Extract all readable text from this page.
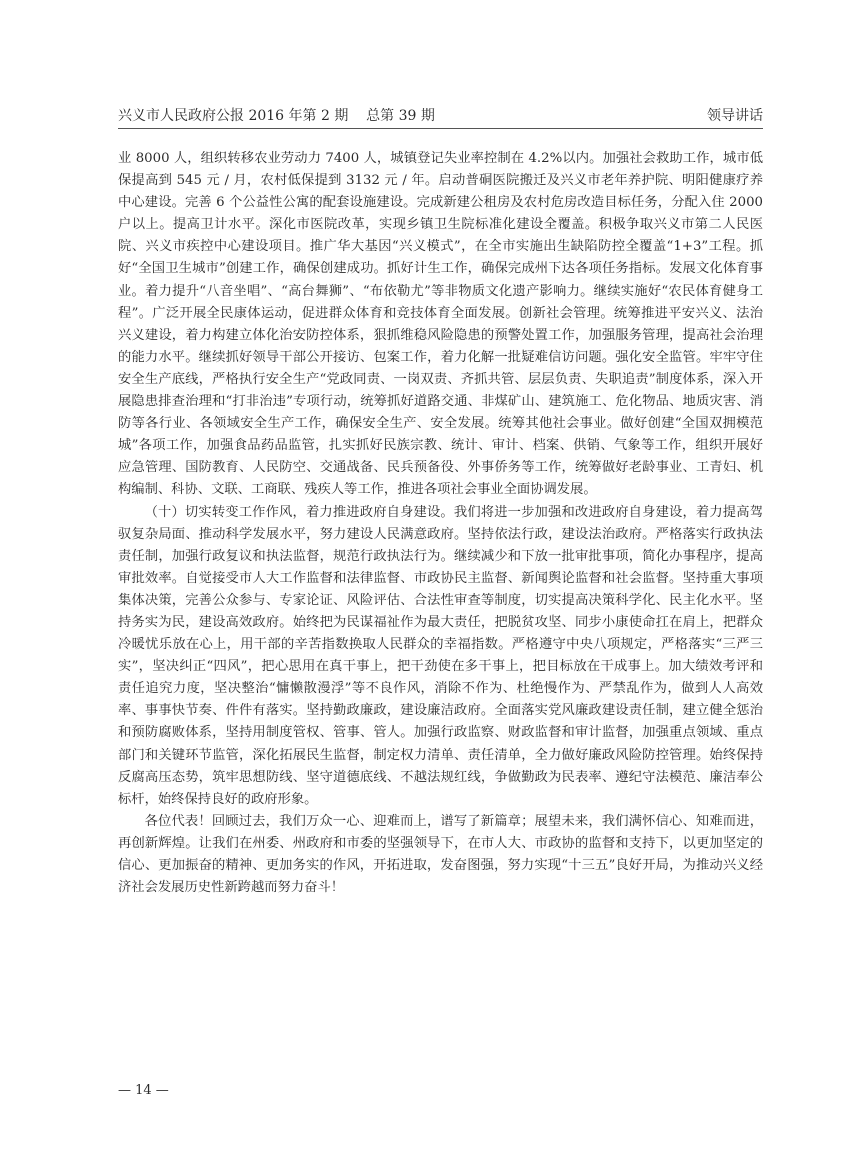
兴义市人民政府公报 2016 年第 2 期    总第 39 期	领导讲话

业 8000 人，组织转移农业劳动力 7400 人，城镇登记失业率控制在 4.2%以内。加强社会救助工作，城市低保提高到 545 元 / 月，农村低保提到 3132 元 / 年。启动普硐医院搬迁及兴义市老年养护院、明阳健康疗养中心建设。完善 6 个公益性公寓的配套设施建设。完成新建公租房及农村危房改造目标任务，分配入住 2000 户以上。提高卫计水平。深化市医院改革，实现乡镇卫生院标准化建设全覆盖。积极争取兴义市第二人民医院、兴义市疾控中心建设项目。推广华大基因“兴义模式”，在全市实施出生缺陷防控全覆盖“1+3”工程。抓好“全国卫生城市”创建工作，确保创建成功。抓好计生工作，确保完成州下达各项任务指标。发展文化体育事业。着力提升“八音坐唱”、“高台舞狮”、“布依勒尤”等非物质文化遗产影响力。继续实施好“农民体育健身工程”。广泛开展全民康体运动，促进群众体育和竞技体育全面发展。创新社会管理。统筹推进平安兴义、法治兴义建设，着力构建立体化治安防控体系，狠抓维稳风险隐患的预警处置工作，加强服务管理，提高社会治理的能力水平。继续抓好领导干部公开接访、包案工作，着力化解一批疑难信访问题。强化安全监管。牢牢守住安全生产底线，严格执行安全生产“党政同责、一岗双责、齐抓共管、层层负责、失职追责”制度体系，深入开展隐患排查治理和“打非治违”专项行动，统筹抓好道路交通、非煤矿山、建筑施工、危化物品、地质灾害、消防等各行业、各领域安全生产工作，确保安全生产、安全发展。统筹其他社会事业。做好创建“全国双拥模范城”各项工作，加强食品药品监管，扎实抓好民族宗教、统计、审计、档案、供销、气象等工作，组织开展好应急管理、国防教育、人民防空、交通战备、民兵预备役、外事侨务等工作，统筹做好老龄事业、工青妇、机构编制、科协、文联、工商联、残疾人等工作，推进各项社会事业全面协调发展。

（十）切实转变工作作风，着力推进政府自身建设。我们将进一步加强和改进政府自身建设，着力提高驾驭复杂局面、推动科学发展水平，努力建设人民满意政府。坚持依法行政，建设法治政府。严格落实行政执法责任制，加强行政复议和执法监督，规范行政执法行为。继续减少和下放一批审批事项，简化办事程序，提高审批效率。自觉接受市人大工作监督和法律监督、市政协民主监督、新闻舆论监督和社会监督。坚持重大事项集体决策，完善公众参与、专家论证、风险评估、合法性审查等制度，切实提高决策科学化、民主化水平。坚持务实为民，建设高效政府。始终把为民谋福祉作为最大责任，把脱贫攻坚、同步小康使命扛在肩上，把群众冷暖忧乐放在心上，用干部的辛苦指数换取人民群众的幸福指数。严格遵守中央八项规定，严格落实“三严三实”，坚决纠正“四风”，把心思用在真干事上，把干劲使在多干事上，把目标放在干成事上。加大绩效考评和责任追究力度，坚决整治“慵懒散漫浮”等不良作风，消除不作为、杜绝慢作为、严禁乱作为，做到人人高效率、事事快节奏、件件有落实。坚持勤政廉政，建设廉洁政府。全面落实党风廉政建设责任制，建立健全惩治和预防腐败体系，坚持用制度管权、管事、管人。加强行政监察、财政监督和审计监督，加强重点领域、重点部门和关键环节监管，深化拓展民生监督，制定权力清单、责任清单，全力做好廉政风险防控管理。始终保持反腐高压态势，筑牢思想防线、坚守道德底线、不越法规红线，争做勤政为民表率、遵纪守法模范、廉洁奉公标杆，始终保持良好的政府形象。

各位代表！回顾过去，我们万众一心、迎难而上，谱写了新篇章；展望未来，我们满怀信心、知难而进，再创新辉煌。让我们在州委、州政府和市委的坚强领导下，在市人大、市政协的监督和支持下，以更加坚定的信心、更加振奋的精神、更加务实的作风，开拓进取，发奋图强，努力实现“十三五”良好开局，为推动兴义经济社会发展历史性新跨越而努力奋斗！

— 14 —
